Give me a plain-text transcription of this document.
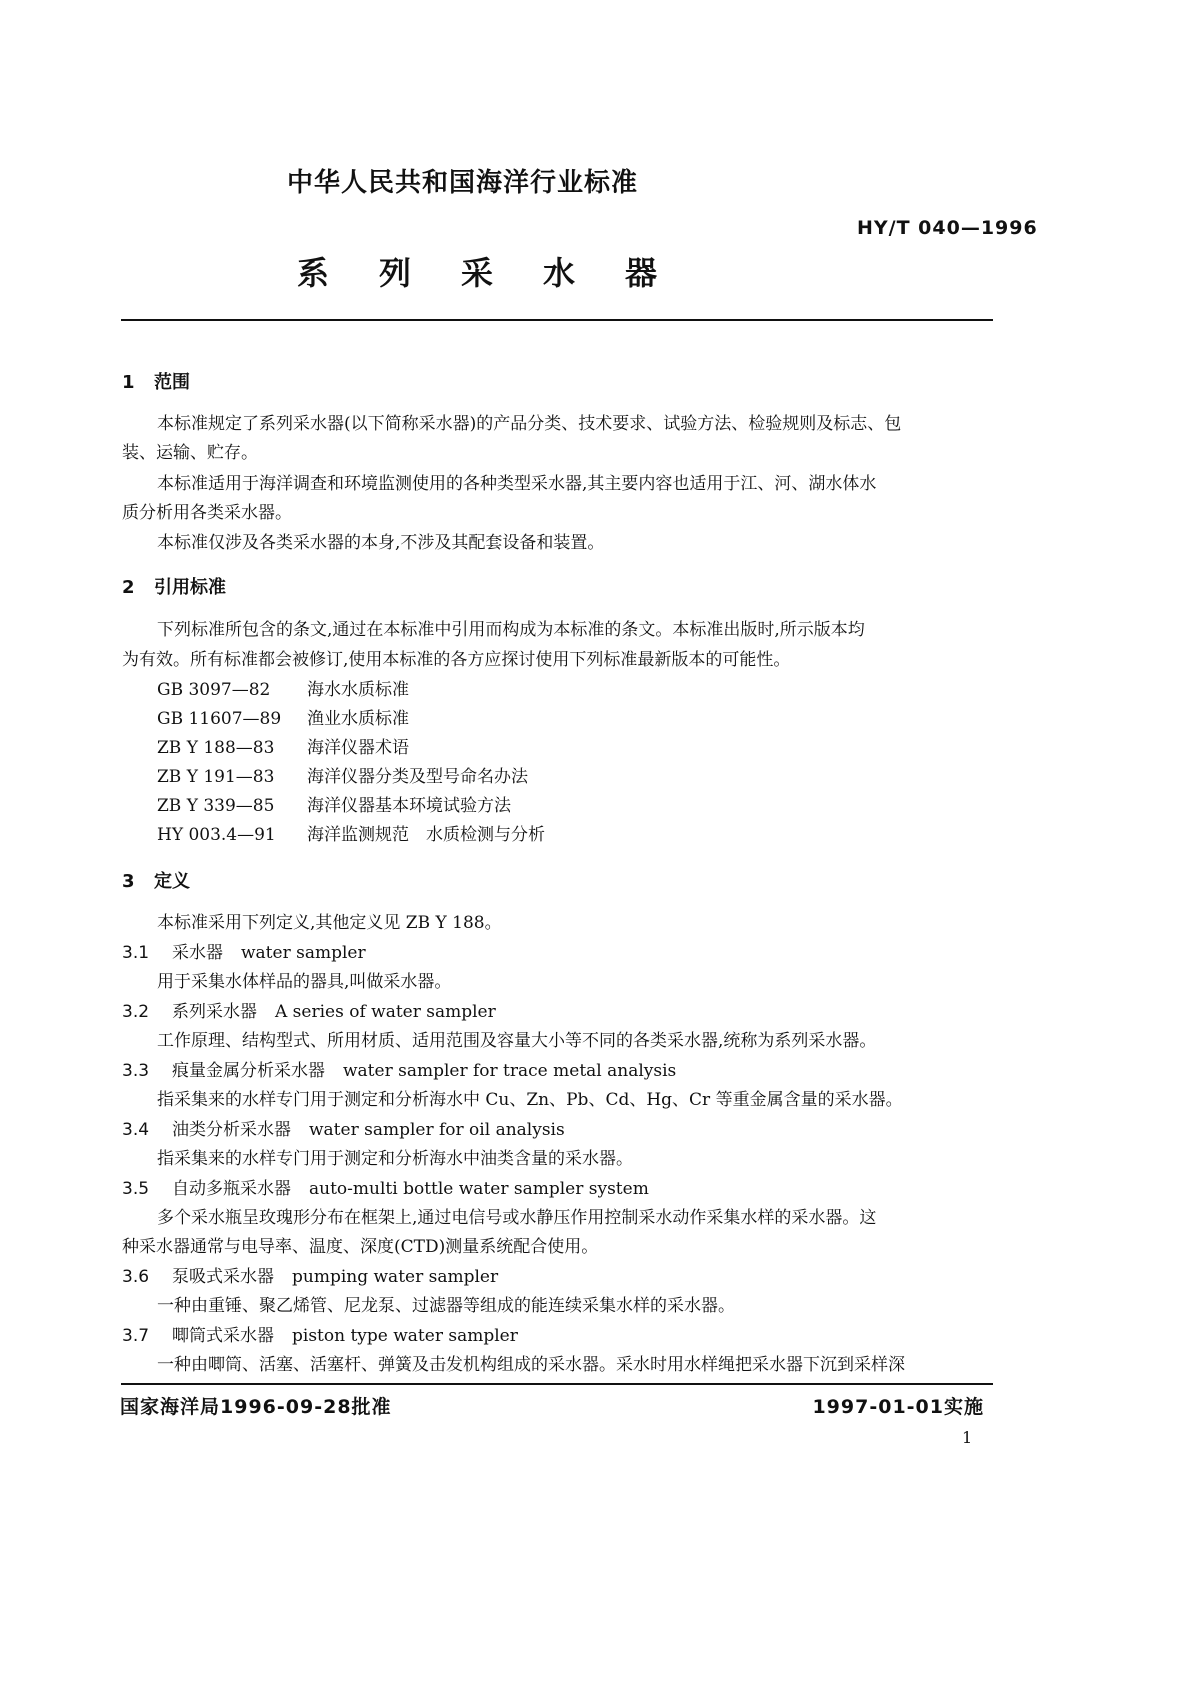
中华人民共和国海洋行业标准
HY/T 040—1996
系列采水器
1 范围
本标准规定了系列采水器(以下简称采水器)的产品分类、技术要求、试验方法、检验规则及标志、包
装、运输、贮存。
本标准适用于海洋调查和环境监测使用的各种类型采水器,其主要内容也适用于江、河、湖水体水
质分析用各类采水器。
本标准仅涉及各类采水器的本身,不涉及其配套设备和装置。
2 引用标准
下列标准所包含的条文,通过在本标准中引用而构成为本标准的条文。本标准出版时,所示版本均
为有效。所有标准都会被修订,使用本标准的各方应探讨使用下列标准最新版本的可能性。
GB 3097—82 海水水质标准
GB 11607—89 渔业水质标准
ZB Y 188—83 海洋仪器术语
ZB Y 191—83 海洋仪器分类及型号命名办法
ZB Y 339—85 海洋仪器基本环境试验方法
HY 003.4—91 海洋监测规范　水质检测与分析
3 定义
本标准采用下列定义,其他定义见 ZB Y 188。
3.1 采水器 water sampler
用于采集水体样品的器具,叫做采水器。
3.2 系列采水器 A series of water sampler
工作原理、结构型式、所用材质、适用范围及容量大小等不同的各类采水器,统称为系列采水器。
3.3 痕量金属分析采水器 water sampler for trace metal analysis
指采集来的水样专门用于测定和分析海水中 Cu、Zn、Pb、Cd、Hg、Cr 等重金属含量的采水器。
3.4 油类分析采水器 water sampler for oil analysis
指采集来的水样专门用于测定和分析海水中油类含量的采水器。
3.5 自动多瓶采水器 auto-multi bottle water sampler system
多个采水瓶呈玫瑰形分布在框架上,通过电信号或水静压作用控制采水动作采集水样的采水器。这
种采水器通常与电导率、温度、深度(CTD)测量系统配合使用。
3.6 泵吸式采水器 pumping water sampler
一种由重锤、聚乙烯管、尼龙泵、过滤器等组成的能连续采集水样的采水器。
3.7 唧筒式采水器 piston type water sampler
一种由唧筒、活塞、活塞杆、弹簧及击发机构组成的采水器。采水时用水样绳把采水器下沉到采样深
国家海洋局1996-09-28批准	1997-01-01实施
1
